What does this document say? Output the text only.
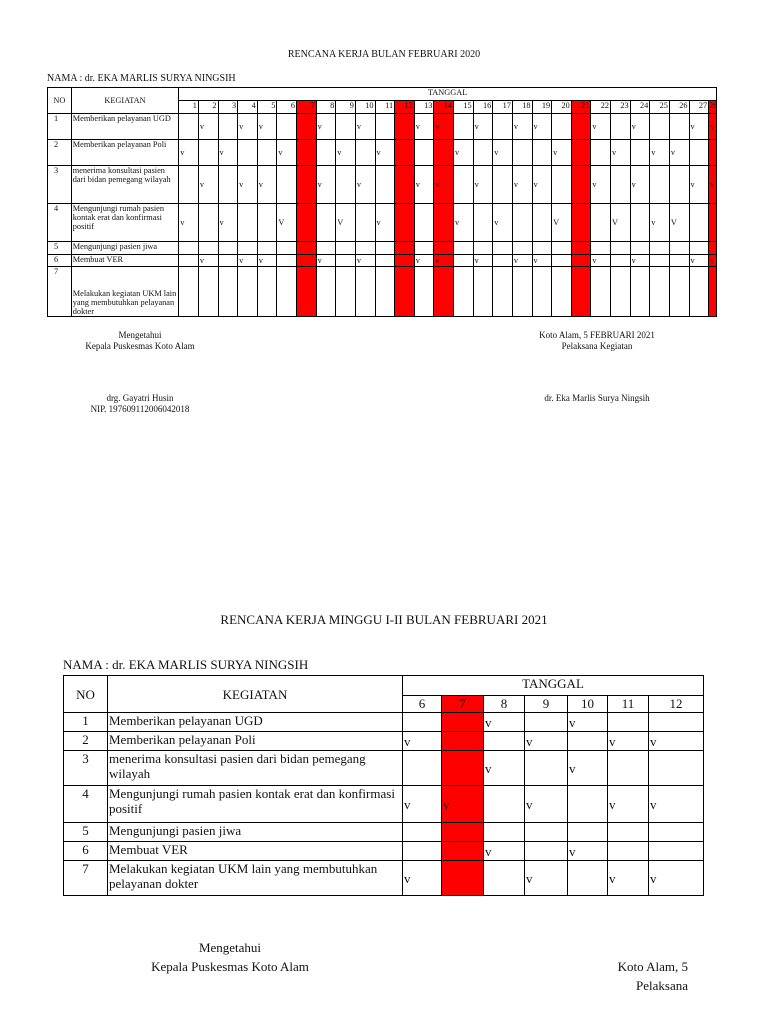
RENCANA KERJA BULAN FEBRUARI 2020
NAMA : dr. EKA MARLIS SURYA NINGSIH
NO	KEGIATAN	TANGGAL																											
		1	2	3	4	5	6	7	8	9	10	11	12	13	14	15	16	17	18	19	20	21	22	23	24	25	26	27	28
1	Memberikan pelayanan UGD		v		v	v			v		v			v	v		v		v	v			v		v			v	v
2	Memberikan pelayanan Poli	v		v			v			v		v				v		v			v			v		v	v		
3	menerima konsultasi pasien dari bidan pemegang wilayah		v		v	v			v		v			v	v		v		v	v			v		v			v	v
4	Mengunjungi rumah pasien kontak erat dan konfirmasi positif	v		v			V			V		v				v		v			V			V		v	V		
5	Mengunjungi pasien jiwa																												
6	Membuat VER		v		v	v			v		v			v	v		v		v	v			v		v			v	v
7	Melakukan kegiatan UKM lain yang membutuhkan pelayanan dokter																												
Mengetahui
Kepala Puskesmas Koto Alam
drg. Gayatri Husin
NIP. 197609112006042018
Koto Alam, 5 FEBRUARI 2021
Pelaksana Kegiatan
dr. Eka Marlis Surya Ningsih
RENCANA KERJA MINGGU I-II BULAN FEBRUARI 2021
NAMA : dr. EKA MARLIS SURYA NINGSIH
NO	KEGIATAN	TANGGAL						
		6	7	8	9	10	11	12
1	Memberikan pelayanan UGD			v		v		
2	Memberikan pelayanan Poli	v			v		v	v
3	menerima konsultasi pasien dari bidan pemegang wilayah			v		v		
4	Mengunjungi rumah pasien kontak erat dan konfirmasi positif	v	v		v		v	v
5	Mengunjungi pasien jiwa							
6	Membuat VER			v		v		
7	Melakukan kegiatan UKM lain yang membutuhkan pelayanan dokter	v			v		v	v
Mengetahui
Kepala Puskesmas Koto Alam	Koto Alam, 5
Pelaksana
